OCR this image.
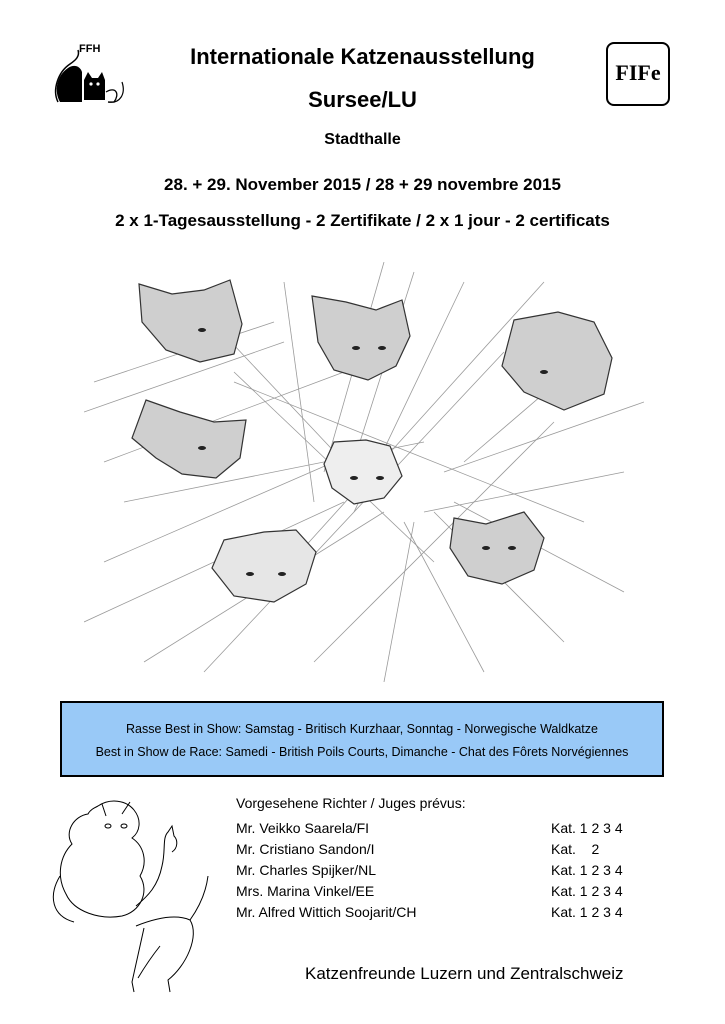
FFH
FIFe
Internationale Katzenausstellung
Sursee/LU
Stadthalle
28. + 29. November 2015 / 28 + 29 novembre 2015
2 x 1-Tagesausstellung - 2 Zertifikate / 2 x 1 jour - 2 certificats
Rasse Best in Show: Samstag - Britisch Kurzhaar, Sonntag - Norwegische Waldkatze
Best in Show de Race: Samedi - British Poils Courts, Dimanche - Chat des Fôrets Norvégiennes
Vorgesehene Richter / Juges prévus:
Mr. Veikko Saarela/FI	Kat. 1 2 3 4
Mr. Cristiano Sandon/I	Kat.    2
Mr. Charles Spijker/NL	Kat. 1 2 3 4
Mrs. Marina Vinkel/EE	Kat. 1 2 3 4
Mr. Alfred Wittich Soojarit/CH	Kat. 1 2 3 4
Katzenfreunde Luzern und Zentralschweiz
